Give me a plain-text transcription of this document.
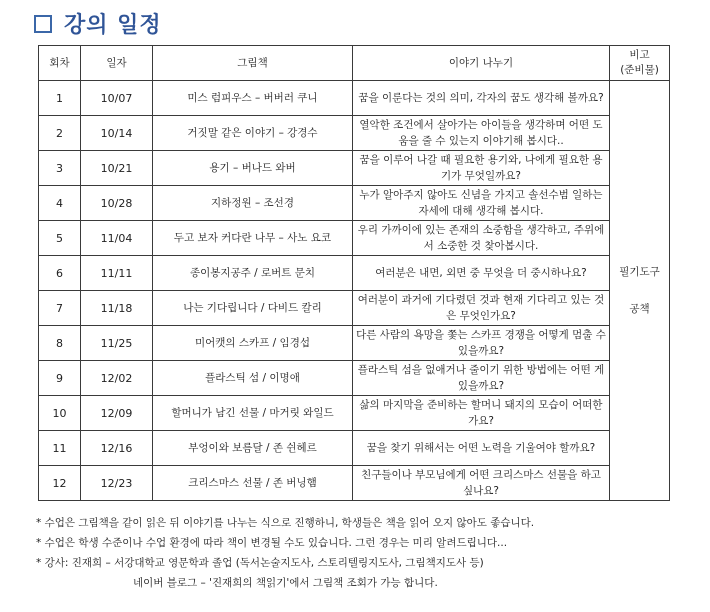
강의 일정
회차	일자	그림책	이야기 나누기	비고
(준비물)

1	10/07	미스 럼피우스 – 버버러 쿠니	꿈을 이룬다는 것의 의미, 각자의 꿈도 생각해 볼까요?	필기도구
공책

2	10/14	거짓말 같은 이야기 – 강경수	열악한 조건에서 살아가는 아이들을 생각하며 어떤 도움을 줄 수 있는지 이야기해 봅시다..	
3	10/21	용기 – 버나드 와버	꿈을 이루어 나갈 때 필요한 용기와, 나에게 필요한 용기가 무엇일까요?	
4	10/28	지하정원 – 조선경	누가 알아주지 않아도 신념을 가지고 솔선수범 일하는 자세에 대해 생각해 봅시다.	
5	11/04	두고 보자 커다란 나무 – 사노 요코	우리 가까이에 있는 존재의 소중함을 생각하고, 주위에서 소중한 것 찾아봅시다.	
6	11/11	종이봉지공주 / 로버트 문치	여러분은 내면, 외면 중 무엇을 더 중시하나요?	
7	11/18	나는 기다립니다 / 다비드 칼리	여러분이 과거에 기다렸던 것과 현재 기다리고 있는 것은 무엇인가요?	
8	11/25	미어캣의 스카프 / 임경섭	다른 사람의 욕망을 쫓는 스카프 경쟁을 어떻게 멈출 수 있을까요?	
9	12/02	플라스틱 섬 / 이명애	플라스틱 섬을 없애거나 줄이기 위한 방법에는 어떤 게 있을까요?	
10	12/09	할머니가 남긴 선물 / 마거릿 와일드	삶의 마지막을 준비하는 할머니 돼지의 모습이 어떠한가요?	
11	12/16	부엉이와 보름달 / 존 쉰헤르	꿈을 찾기 위해서는 어떤 노력을 기울여야 할까요?	
12	12/23	크리스마스 선물 / 존 버닝햄	친구들이나 부모님에게 어떤 크리스마스 선물을 하고 싶나요?	
* 수업은 그림책을 같이 읽은 뒤 이야기를 나누는 식으로 진행하니, 학생들은 책을 읽어 오지 않아도 좋습니다.
* 수업은 학생 수준이나 수업 환경에 따라 책이 변경될 수도 있습니다. 그런 경우는 미리 알려드립니다...
* 강사: 진재희 – 서강대학교 영문학과 졸업 (독서논술지도사, 스토리텔링지도사, 그림책지도사 등)
네이버 블로그 – '진재희의 책읽기'에서 그림책 조회가 가능 합니다.
